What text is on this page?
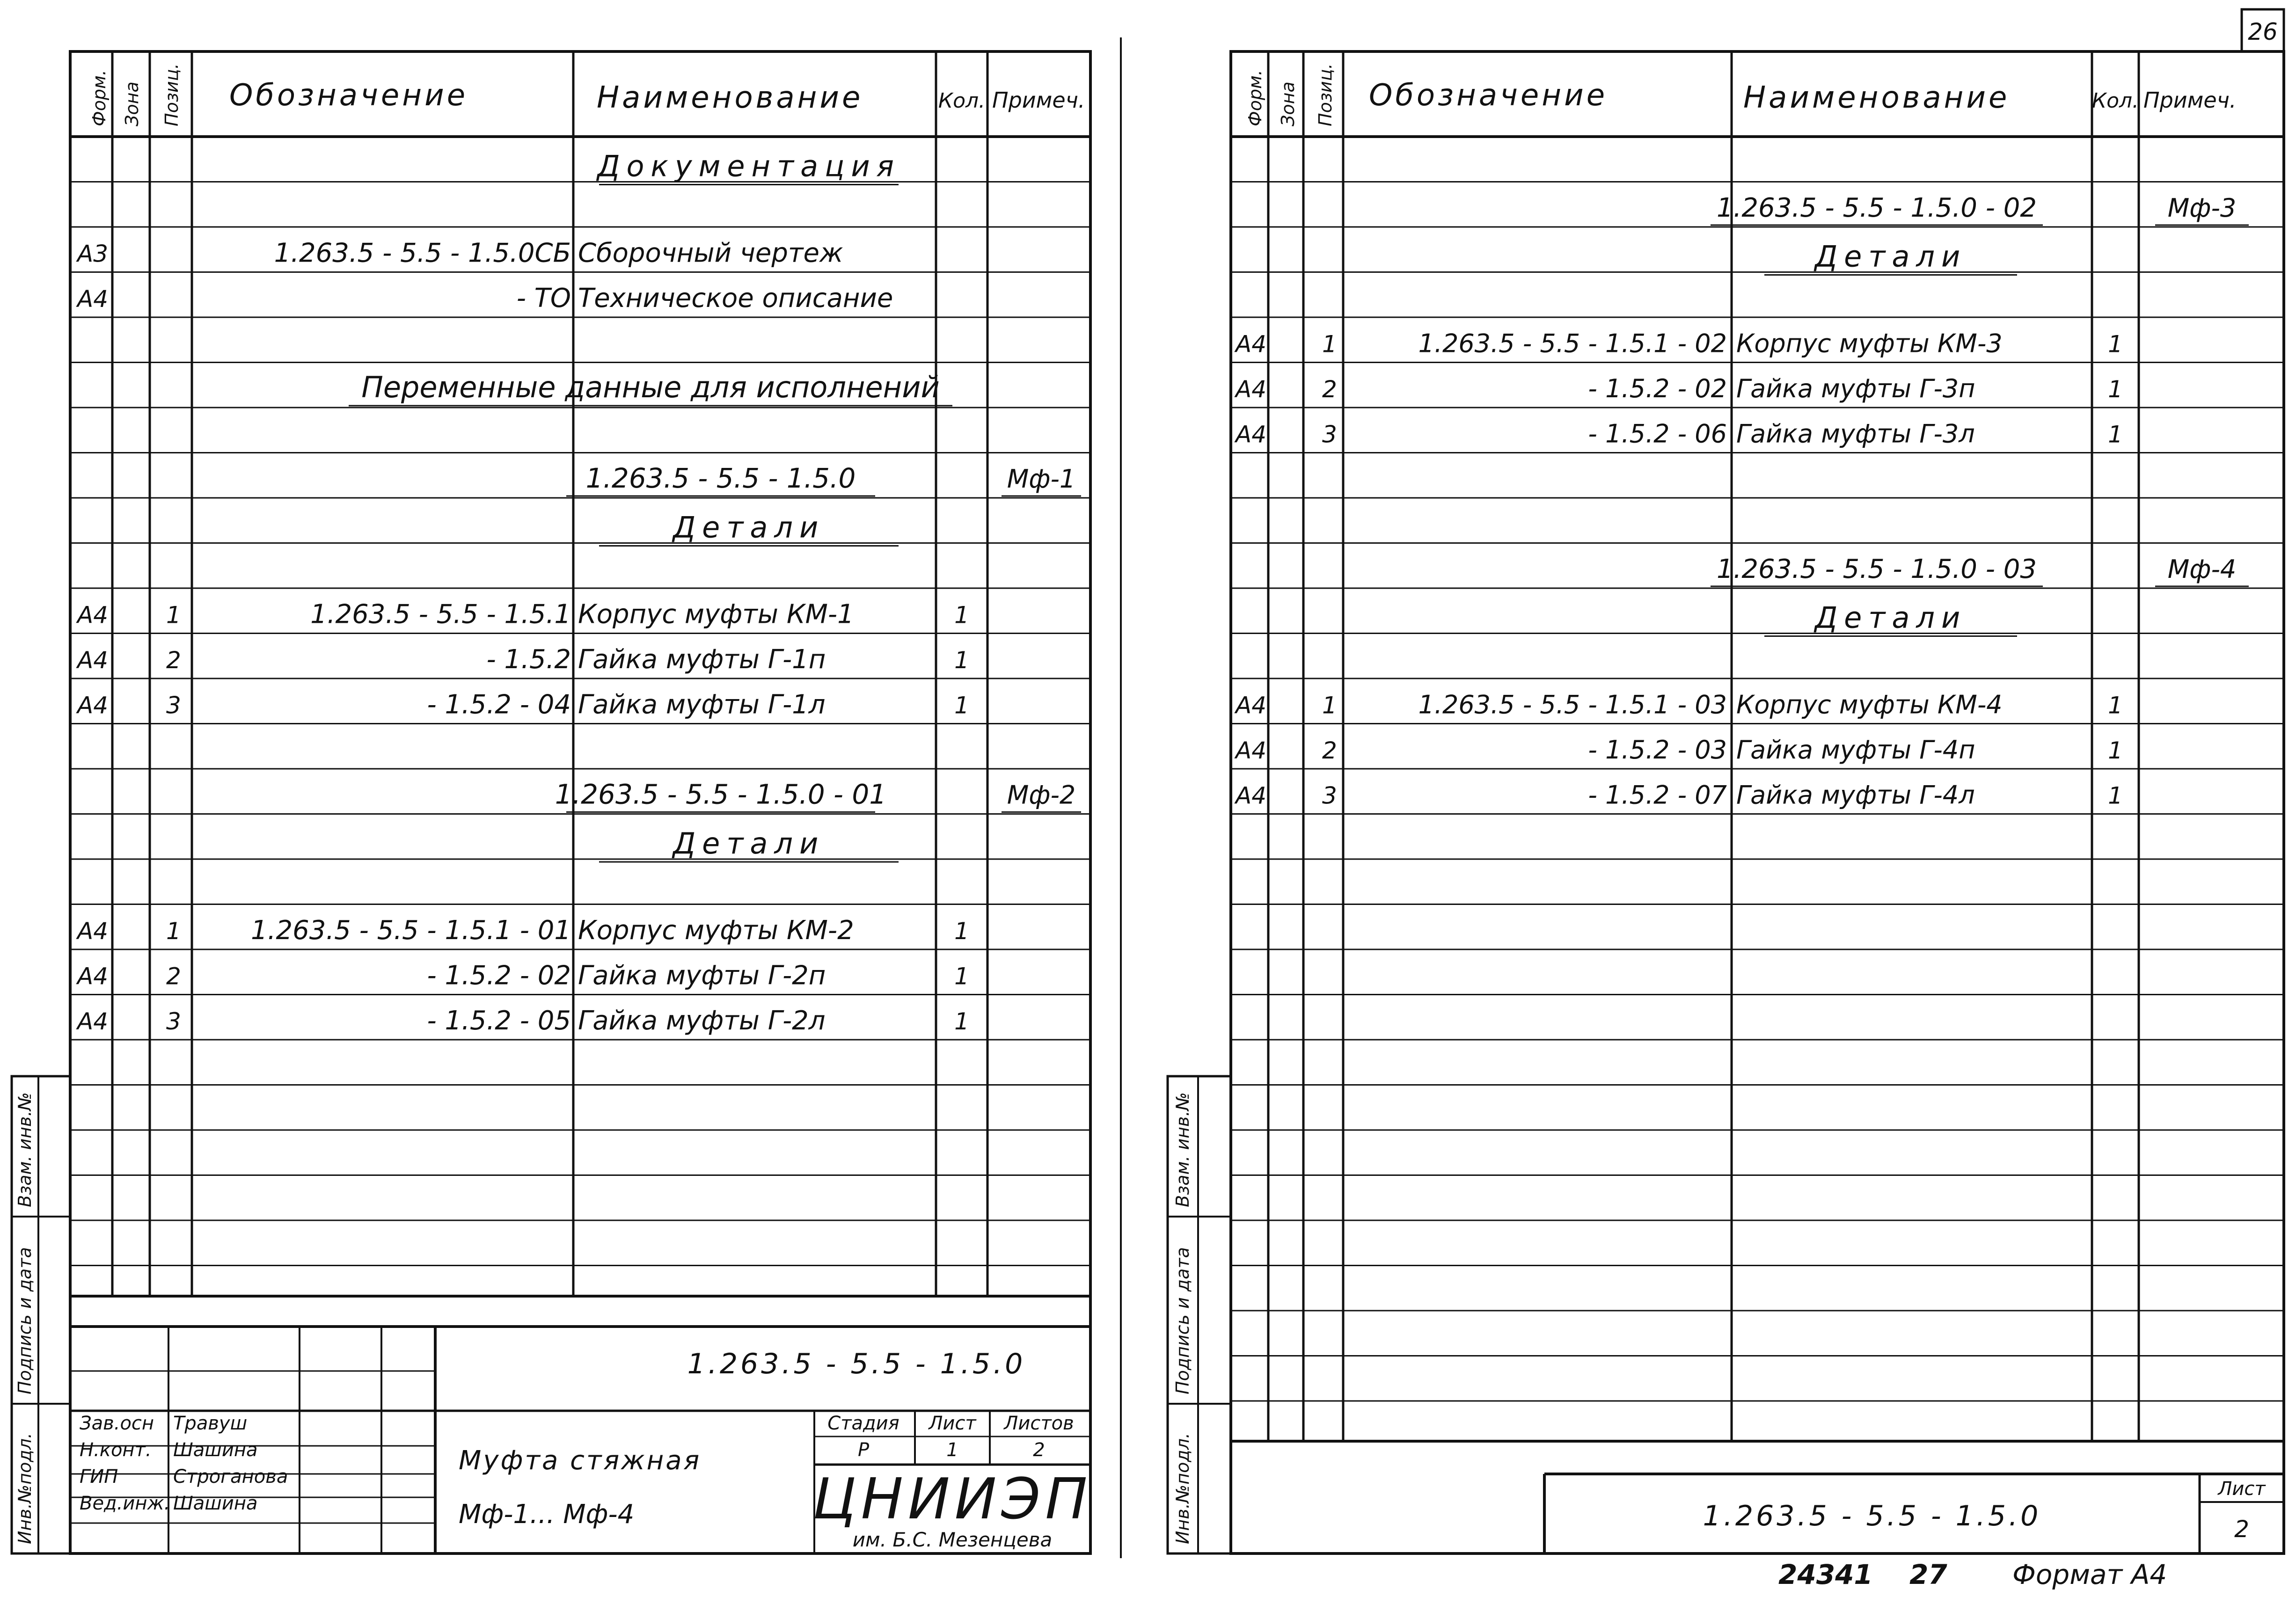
Форм. Зона Позиц. Обозначение	Наименование	Кол. Примеч.
Документация
А3	1.263.5 - 5.5 - 1.5.0СБ Сборочный чертеж
А4	- ТО Техническое описание
Переменные данные для исполнений
1.263.5 - 5.5 - 1.5.0	Мф-1
Детали
А4 1	1.263.5 - 5.5 - 1.5.1 Корпус муфты КМ-1	1
А4 2	- 1.5.2 Гайка муфты Г-1п	1
А4 3	- 1.5.2 - 04 Гайка муфты Г-1л	1
1.263.5 - 5.5 - 1.5.0 - 01	Мф-2
Детали
А4 1	1.263.5 - 5.5 - 1.5.1 - 01 Корпус муфты КМ-2	1
А4 2	- 1.5.2 - 02 Гайка муфты Г-2п	1
А4 3	- 1.5.2 - 05 Гайка муфты Г-2л	1
Зав.осн Травуш
Н.конт. Шашина
ГИП	Строганова
Вед.инж. Шашина
1.263.5 - 5.5 - 1.5.0
Стадия Лист Листов
Р	1	2
Муфта стяжная
Мф-1... Мф-4	ЦНИИЭП
им. Б.С. Мезенцева
Инв.№подл.
Подпись и дата
Взам. инв.№
26
Форм. Зона Позиц. Обозначение	Наименование	Кол. Примеч.
1.263.5 - 5.5 - 1.5.0 - 02	Мф-3
Детали
А4 1	1.263.5 - 5.5 - 1.5.1 - 02 Корпус муфты КМ-3	1
А4 2	- 1.5.2 - 02 Гайка муфты Г-3п	1
А4 3	- 1.5.2 - 06 Гайка муфты Г-3л	1
1.263.5 - 5.5 - 1.5.0 - 03	Мф-4
Детали
А4 1	1.263.5 - 5.5 - 1.5.1 - 03 Корпус муфты КМ-4	1
А4 2	- 1.5.2 - 03 Гайка муфты Г-4п	1
А4 3	- 1.5.2 - 07 Гайка муфты Г-4л	1
1.263.5 - 5.5 - 1.5.0
Лист
2
Инв.№подл.
Подпись и дата
Взам. инв.№
24341 27 Формат А4
